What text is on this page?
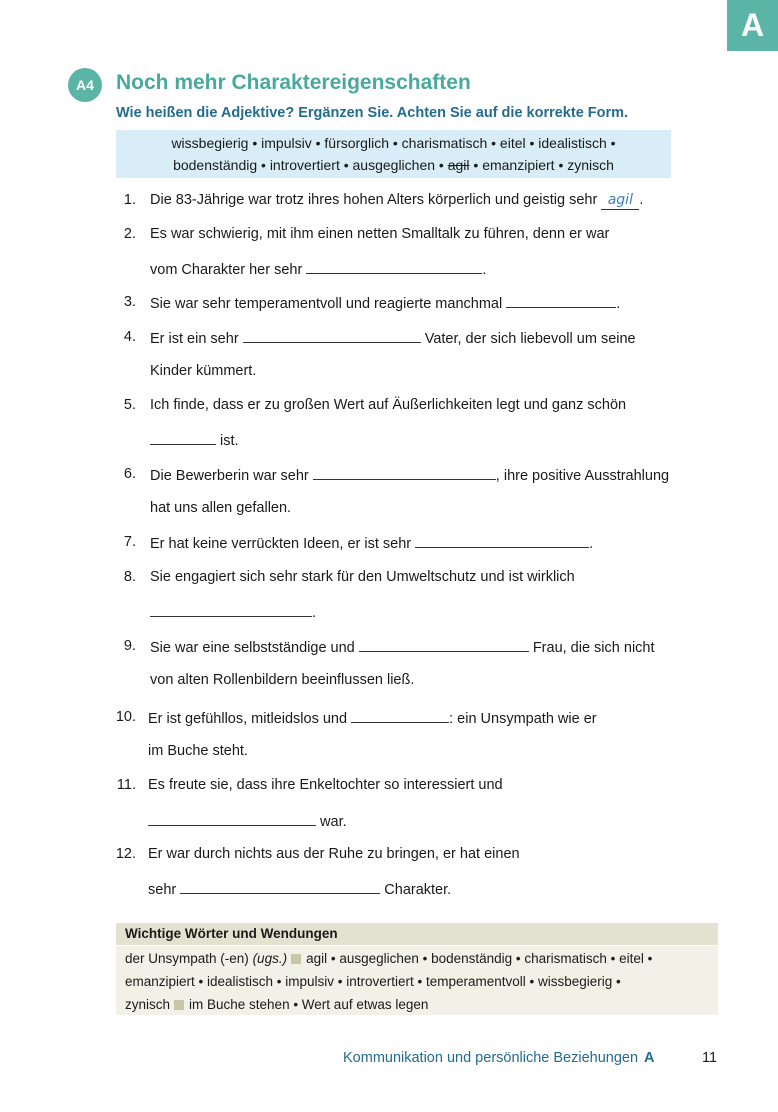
A
A4	Noch mehr Charaktereigenschaften
Wie heißen die Adjektive? Ergänzen Sie. Achten Sie auf die korrekte Form.
wissbegierig • impulsiv • fürsorglich • charismatisch • eitel • idealistisch •
bodenständig • introvertiert • ausgeglichen • agil • emanzipiert • zynisch
1. Die 83-Jährige war trotz ihres hohen Alters körperlich und geistig sehr agil .
2. Es war schwierig, mit ihm einen netten Smalltalk zu führen, denn er war
vom Charakter her sehr	.
3. Sie war sehr temperamentvoll und reagierte manchmal	.
4. Er ist ein sehr	Vater, der sich liebevoll um seine
Kinder kümmert.
5. Ich finde, dass er zu großen Wert auf Äußerlichkeiten legt und ganz schön
ist.
6. Die Bewerberin war sehr	, ihre positive Ausstrahlung
hat uns allen gefallen.
7. Er hat keine verrückten Ideen, er ist sehr	.
8. Sie engagiert sich sehr stark für den Umweltschutz und ist wirklich
.
9. Sie war eine selbstständige und	Frau, die sich nicht
von alten Rollenbildern beeinflussen ließ.
10. Er ist gefühllos, mitleidslos und	: ein Unsympath wie er
im Buche steht.
11. Es freute sie, dass ihre Enkeltochter so interessiert und
war.
12. Er war durch nichts aus der Ruhe zu bringen, er hat einen
sehr	Charakter.
Wichtige Wörter und Wendungen
der Unsympath (-en) (ugs.) agil • ausgeglichen • bodenständig • charismatisch • eitel •
emanzipiert • idealistisch • impulsiv • introvertiert • temperamentvoll • wissbegierig •
zynisch im Buche stehen • Wert auf etwas legen
Kommunikation und persönliche Beziehungen A	11
